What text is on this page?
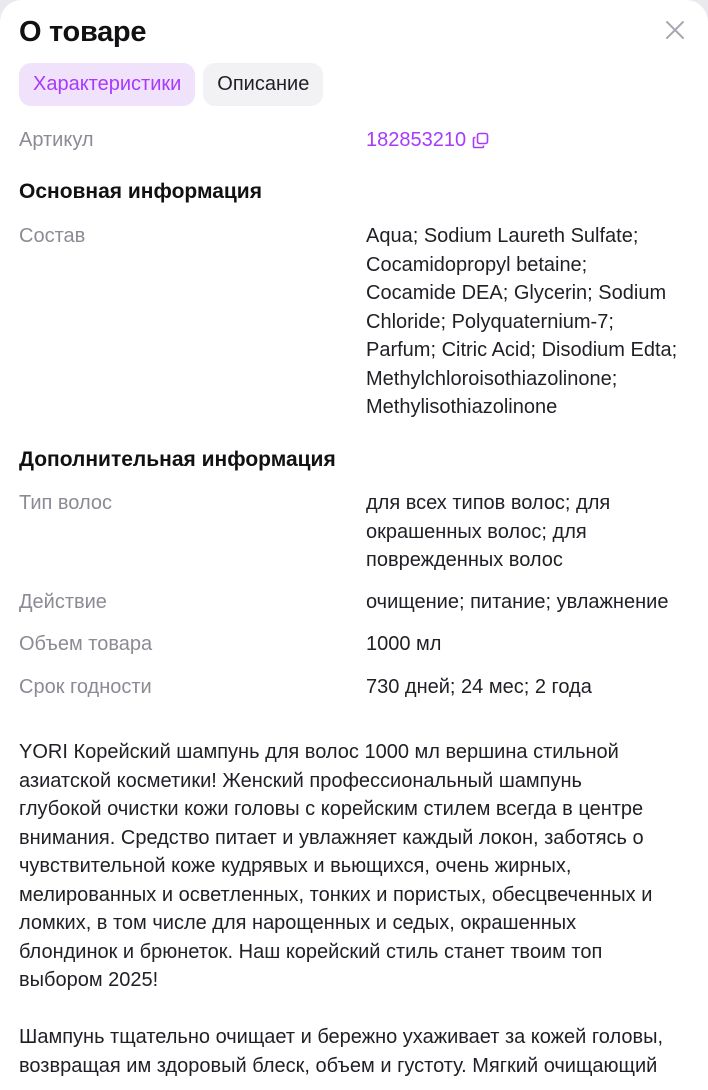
О товаре
Характеристики	Описание
Артикул	182853210
Основная информация
Состав	Aqua; Sodium Laureth Sulfate;
Cocamidopropyl betaine;
Cocamide DEA; Glycerin; Sodium
Chloride; Polyquaternium-7;
Parfum; Citric Acid; Disodium Edta;
Methylchloroisothiazolinone;
Methylisothiazolinone
Дополнительная информация
Тип волос	для всех типов волос; для
окрашенных волос; для
поврежденных волос
Действие	очищение; питание; увлажнение
Объем товара	1000 мл
Срок годности	730 дней; 24 мес; 2 года

YORI Корейский шампунь для волос 1000 мл вершина стильной
азиатской косметики! Женский профессиональный шампунь
глубокой очистки кожи головы с корейским стилем всегда в центре
внимания. Средство питает и увлажняет каждый локон, заботясь о
чувствительной коже кудрявых и вьющихся, очень жирных,
мелированных и осветленных, тонких и пористых, обесцвеченных и
ломких, в том числе для нарощенных и седых, окрашенных
блондинок и брюнеток. Наш корейский стиль станет твоим топ
выбором 2025!

Шампунь тщательно очищает и бережно ухаживает за кожей головы,
возвращая им здоровый блеск, объем и густоту. Мягкий очищающий
